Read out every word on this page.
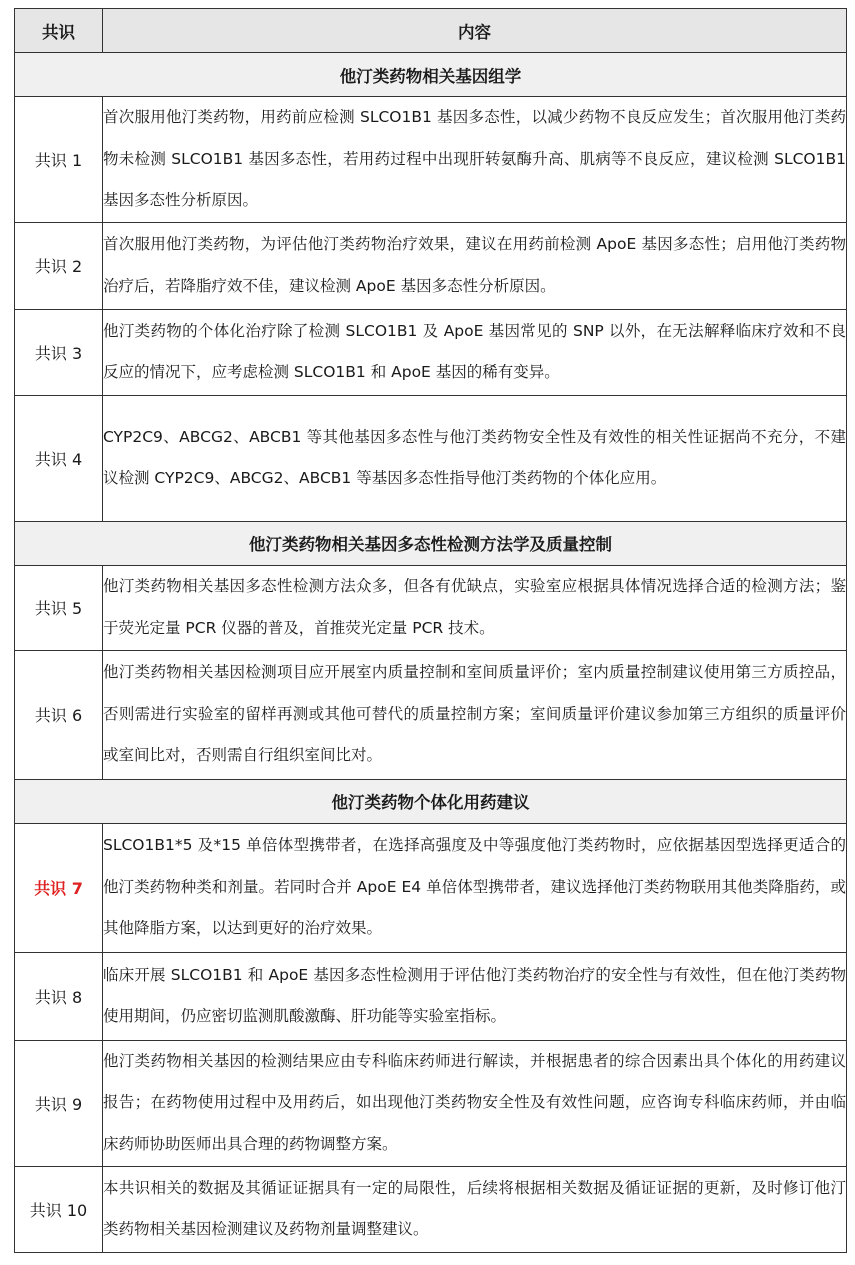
共识	内容
他汀类药物相关基因组学	
共识 1	首次服用他汀类药物，用药前应检测 SLCO1B1 基因多态性，以减少药物不良反应发生；首次服用他汀类药物未检测 SLCO1B1 基因多态性，若用药过程中出现肝转氨酶升高、肌病等不良反应，建议检测 SLCO1B1 基因多态性分析原因。
共识 2	首次服用他汀类药物，为评估他汀类药物治疗效果，建议在用药前检测 ApoE 基因多态性；启用他汀类药物治疗后，若降脂疗效不佳，建议检测 ApoE 基因多态性分析原因。
共识 3	他汀类药物的个体化治疗除了检测 SLCO1B1 及 ApoE 基因常见的 SNP 以外，在无法解释临床疗效和不良反应的情况下，应考虑检测 SLCO1B1 和 ApoE 基因的稀有变异。
共识 4	CYP2C9、ABCG2、ABCB1 等其他基因多态性与他汀类药物安全性及有效性的相关性证据尚不充分，不建议检测 CYP2C9、ABCG2、ABCB1 等基因多态性指导他汀类药物的个体化应用。
他汀类药物相关基因多态性检测方法学及质量控制	
共识 5	他汀类药物相关基因多态性检测方法众多，但各有优缺点，实验室应根据具体情况选择合适的检测方法；鉴于荧光定量 PCR 仪器的普及，首推荧光定量 PCR 技术。
共识 6	他汀类药物相关基因检测项目应开展室内质量控制和室间质量评价；室内质量控制建议使用第三方质控品，否则需进行实验室的留样再测或其他可替代的质量控制方案；室间质量评价建议参加第三方组织的质量评价或室间比对，否则需自行组织室间比对。
他汀类药物个体化用药建议	
共识 7	SLCO1B1*5 及*15 单倍体型携带者，在选择高强度及中等强度他汀类药物时，应依据基因型选择更适合的他汀类药物种类和剂量。若同时合并 ApoE E4 单倍体型携带者，建议选择他汀类药物联用其他类降脂药，或其他降脂方案，以达到更好的治疗效果。
共识 8	临床开展 SLCO1B1 和 ApoE 基因多态性检测用于评估他汀类药物治疗的安全性与有效性，但在他汀类药物使用期间，仍应密切监测肌酸激酶、肝功能等实验室指标。
共识 9	他汀类药物相关基因的检测结果应由专科临床药师进行解读，并根据患者的综合因素出具个体化的用药建议报告；在药物使用过程中及用药后，如出现他汀类药物安全性及有效性问题，应咨询专科临床药师，并由临床药师协助医师出具合理的药物调整方案。
共识 10	本共识相关的数据及其循证证据具有一定的局限性，后续将根据相关数据及循证证据的更新，及时修订他汀类药物相关基因检测建议及药物剂量调整建议。
